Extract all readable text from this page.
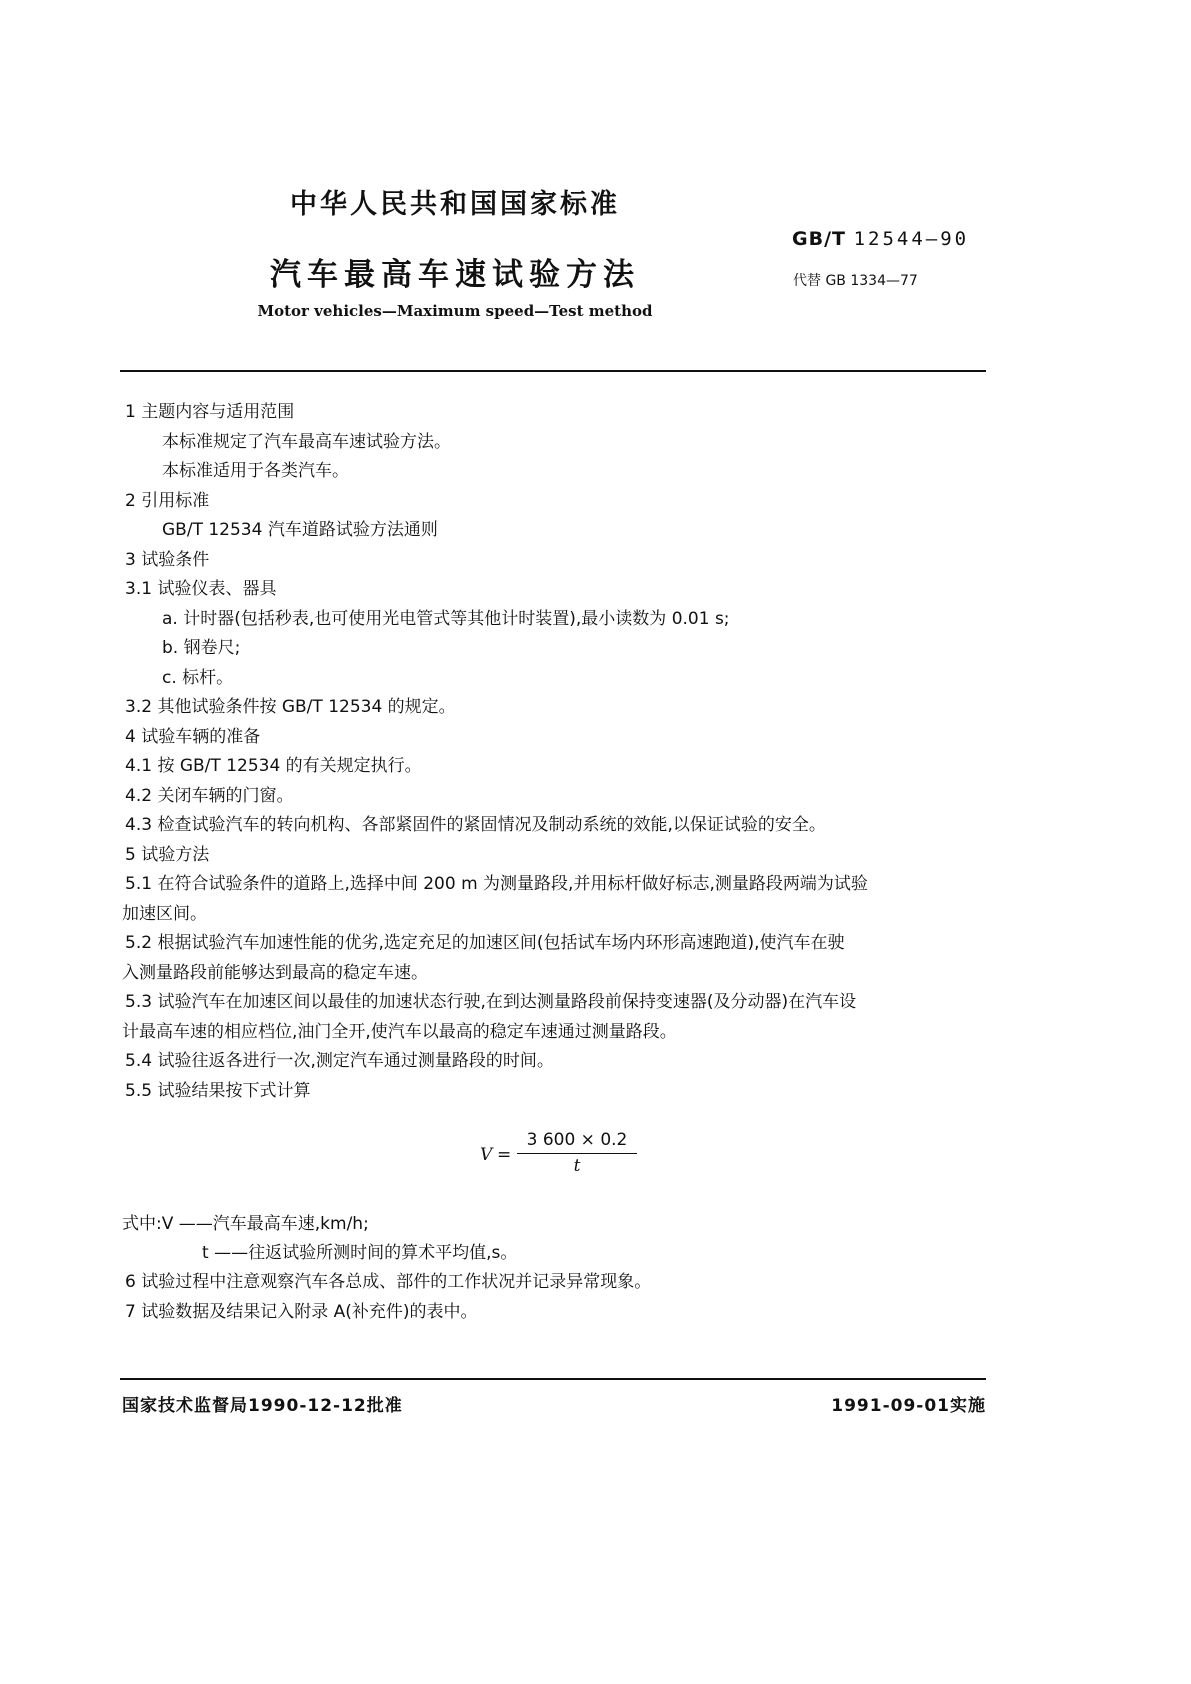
中华人民共和国国家标准
GB/T 12544—90
汽车最高车速试验方法	代替 GB 1334—77
Motor vehicles—Maximum speed—Test method
1 主题内容与适用范围
本标准规定了汽车最高车速试验方法。
本标准适用于各类汽车。
2 引用标准
GB/T 12534 汽车道路试验方法通则
3 试验条件
3.1 试验仪表、器具
a. 计时器(包括秒表,也可使用光电管式等其他计时装置),最小读数为 0.01 s;
b. 钢卷尺;
c. 标杆。
3.2 其他试验条件按 GB/T 12534 的规定。
4 试验车辆的准备
4.1 按 GB/T 12534 的有关规定执行。
4.2 关闭车辆的门窗。
4.3 检查试验汽车的转向机构、各部紧固件的紧固情况及制动系统的效能,以保证试验的安全。
5 试验方法
5.1 在符合试验条件的道路上,选择中间 200 m 为测量路段,并用标杆做好标志,测量路段两端为试验
加速区间。
5.2 根据试验汽车加速性能的优劣,选定充足的加速区间(包括试车场内环形高速跑道),使汽车在驶
入测量路段前能够达到最高的稳定车速。
5.3 试验汽车在加速区间以最佳的加速状态行驶,在到达测量路段前保持变速器(及分动器)在汽车设
计最高车速的相应档位,油门全开,使汽车以最高的稳定车速通过测量路段。
5.4 试验往返各进行一次,测定汽车通过测量路段的时间。
5.5 试验结果按下式计算
$V = \frac{3 600 \times 0.2}{t}$
式中:V ——汽车最高车速,km/h;
t ——往返试验所测时间的算术平均值,s。
6 试验过程中注意观察汽车各总成、部件的工作状况并记录异常现象。
7 试验数据及结果记入附录 A(补充件)的表中。
国家技术监督局1990-12-12批准	1991-09-01实施
